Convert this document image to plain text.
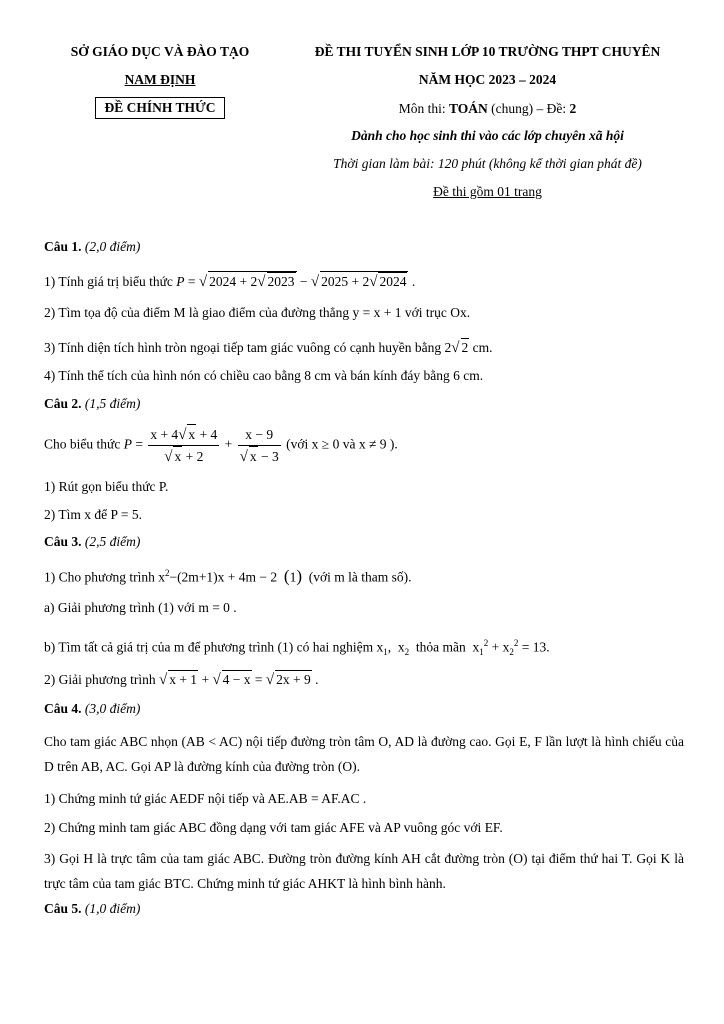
SỞ GIÁO DỤC VÀ ĐÀO TẠO
NAM ĐỊNH
ĐỀ CHÍNH THỨC
ĐỀ THI TUYỂN SINH LỚP 10 TRƯỜNG THPT CHUYÊN
NĂM HỌC 2023 – 2024
Môn thi: TOÁN (chung) – Đề: 2
Dành cho học sinh thi vào các lớp chuyên xã hội
Thời gian làm bài: 120 phút (không kể thời gian phát đề)
Đề thi gồm 01 trang
Câu 1. (2,0 điểm)
1) Tính giá trị biểu thức P = √ 2024 + 2√ 2023 − √ 2025 + 2√ 2024 .
2) Tìm tọa độ của điểm M là giao điểm của đường thẳng y = x + 1 với trục Ox.
3) Tính diện tích hình tròn ngoại tiếp tam giác vuông có cạnh huyền bằng 2√ 2 cm.
4) Tính thể tích của hình nón có chiều cao bằng 8 cm và bán kính đáy bằng 6 cm.
Câu 2. (1,5 điểm)
Cho biểu thức $P = \frac{x + 4√ x + 4}{√ x + 2} + \frac{x - 9}{√ x - 3}$ (với x ≥ 0 và x ≠ 9 ).
1) Rút gọn biểu thức P.
2) Tìm x để P = 5.
Câu 3. (2,5 điểm)
1) Cho phương trình $x^2-(2m+1)x + 4m - 2$ (1) (với m là tham số).
a) Giải phương trình (1) với m = 0 .
b) Tìm tất cả giá trị của m để phương trình (1) có hai nghiệm $x_1$,  $x_2$ thỏa mãn  $x_1^2 + x_2^2 = 13$.
2) Giải phương trình √ x + 1 + √ 4 − x = √ 2x + 9 .
Câu 4. (3,0 điểm)
Cho tam giác ABC nhọn (AB < AC) nội tiếp đường tròn tâm O, AD là đường cao. Gọi E, F lần lượt là hình chiếu của D trên AB, AC. Gọi AP là đường kính của đường tròn (O).
1) Chứng minh tứ giác AEDF nội tiếp và AE.AB = AF.AC .
2) Chứng minh tam giác ABC đồng dạng với tam giác AFE và AP vuông góc với EF.
3) Gọi H là trực tâm của tam giác ABC. Đường tròn đường kính AH cắt đường tròn (O) tại điểm thứ hai T. Gọi K là trực tâm của tam giác BTC. Chứng minh tứ giác AHKT là hình bình hành.
Câu 5. (1,0 điểm)
